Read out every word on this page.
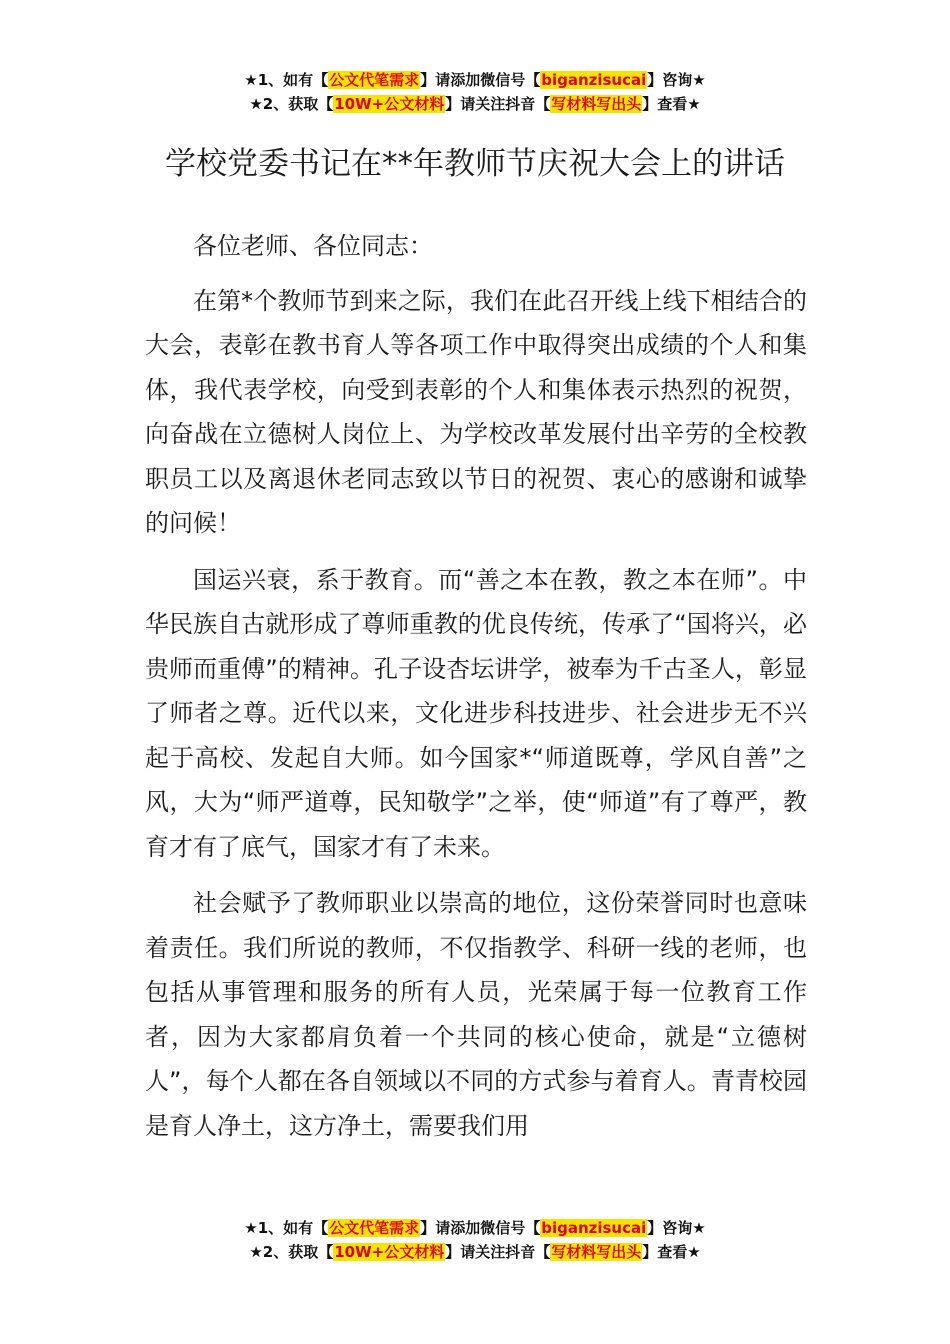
★1、如有【公文代笔需求】请添加微信号【biganzisucai】咨询★
★2、获取【10W+公文材料】请关注抖音【写材料写出头】查看★
学校党委书记在**年教师节庆祝大会上的讲话

各位老师、各位同志：

在第*个教师节到来之际，我们在此召开线上线下相结合的大会，表彰在教书育人等各项工作中取得突出成绩的个人和集体，我代表学校，向受到表彰的个人和集体表示热烈的祝贺，向奋战在立德树人岗位上、为学校改革发展付出辛劳的全校教职员工以及离退休老同志致以节日的祝贺、衷心的感谢和诚挚的问候！

国运兴衰，系于教育。而“善之本在教，教之本在师”。中华民族自古就形成了尊师重教的优良传统，传承了“国将兴，必贵师而重傅”的精神。孔子设杏坛讲学，被奉为千古圣人，彰显了师者之尊。近代以来，文化进步科技进步、社会进步无不兴起于高校、发起自大师。如今国家*“师道既尊，学风自善”之风，大为“师严道尊，民知敬学”之举，使“师道”有了尊严，教育才有了底气，国家才有了未来。

社会赋予了教师职业以崇高的地位，这份荣誉同时也意味着责任。我们所说的教师，不仅指教学、科研一线的老师，也包括从事管理和服务的所有人员，光荣属于每一位教育工作者，因为大家都肩负着一个共同的核心使命，就是“立德树人”，每个人都在各自领域以不同的方式参与着育人。青青校园是育人净土，这方净土，需要我们用

★1、如有【公文代笔需求】请添加微信号【biganzisucai】咨询★
★2、获取【10W+公文材料】请关注抖音【写材料写出头】查看★
